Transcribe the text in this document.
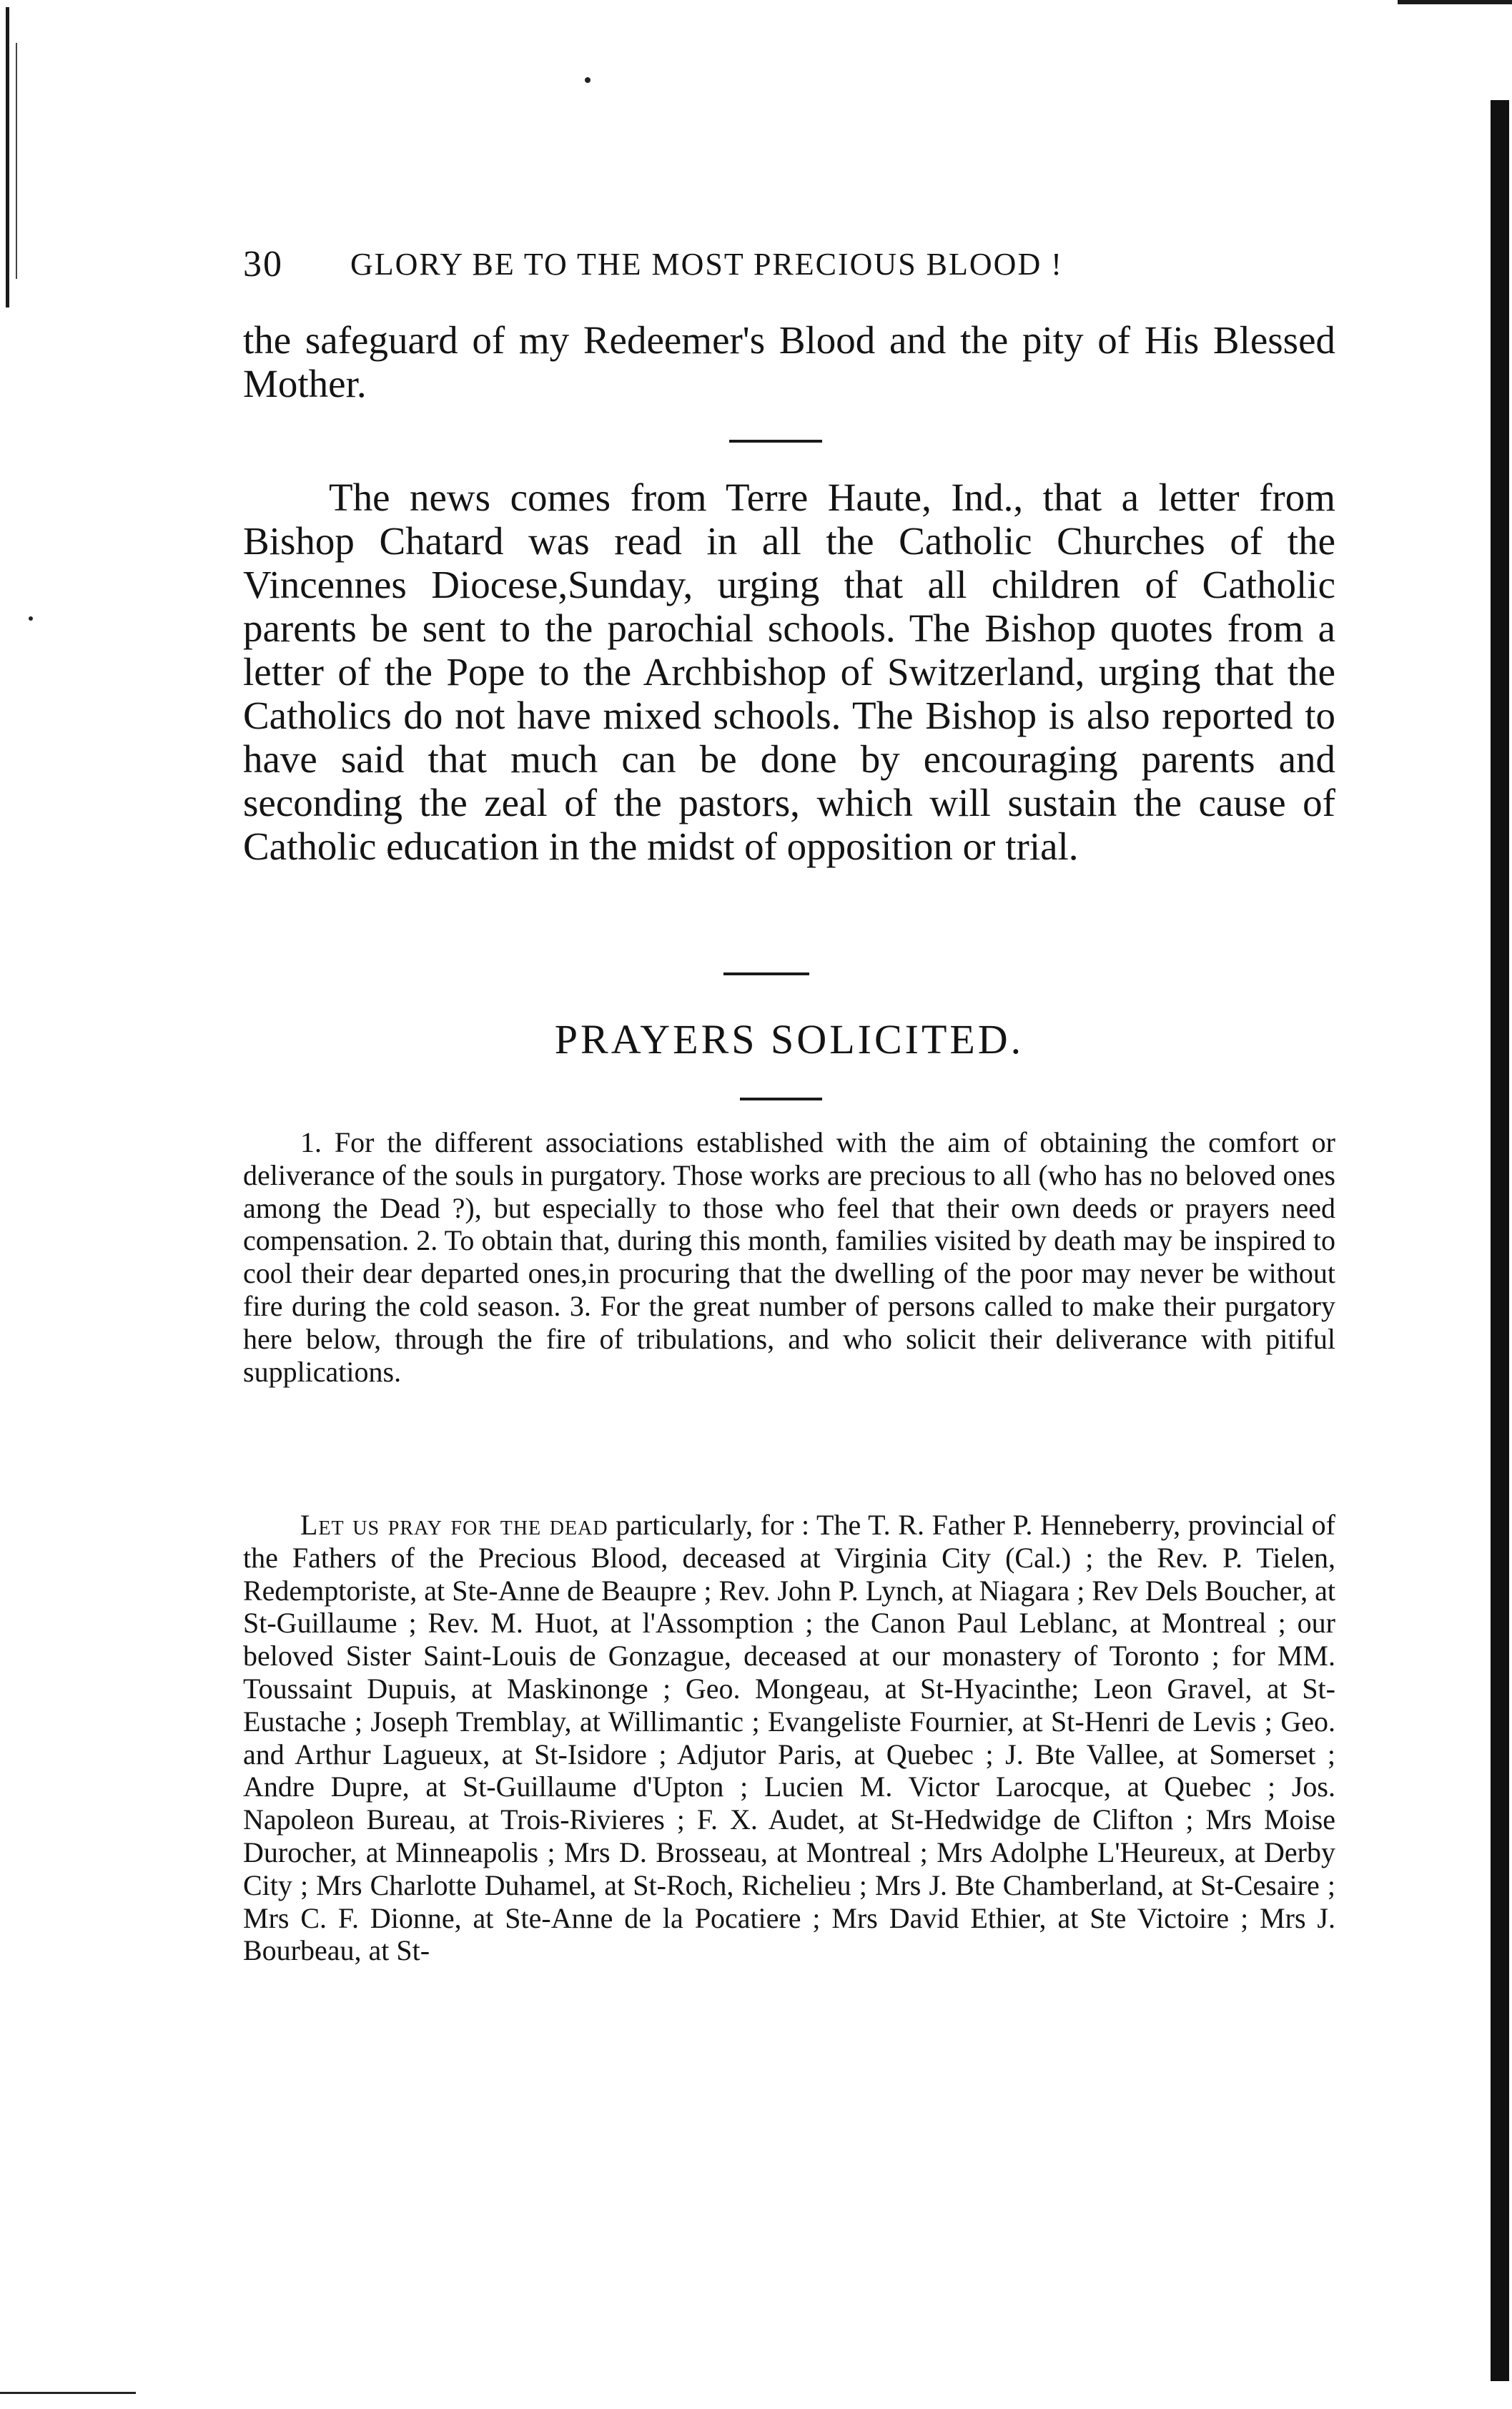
30 GLORY BE TO THE MOST PRECIOUS BLOOD !

the safeguard of my Redeemer's Blood and the pity of His Blessed Mother.

The news comes from Terre Haute, Ind., that a letter from Bishop Chatard was read in all the Catholic Churches of the Vincennes Diocese,Sunday, urging that all children of Catholic parents be sent to the parochial schools. The Bishop quotes from a letter of the Pope to the Archbishop of Switzerland, urging that the Catholics do not have mixed schools. The Bishop is also reported to have said that much can be done by encouraging parents and seconding the zeal of the pastors, which will sustain the cause of Catholic education in the midst of opposition or trial.

PRAYERS SOLICITED.

1. For the different associations established with the aim of obtaining the comfort or deliverance of the souls in purgatory. Those works are precious to all (who has no beloved ones among the Dead ?), but especially to those who feel that their own deeds or prayers need compensation. 2. To obtain that, during this month, families visited by death may be inspired to cool their dear departed ones,in procuring that the dwelling of the poor may never be without fire during the cold season. 3. For the great number of persons called to make their purgatory here below, through the fire of tribulations, and who solicit their deliverance with pitiful supplications.

Let us pray for the dead particularly, for : The T. R. Father P. Henneberry, provincial of the Fathers of the Precious Blood, deceased at Virginia City (Cal.) ; the Rev. P. Tielen, Redemptoriste, at Ste-Anne de Beaupre ; Rev. John P. Lynch, at Niagara ; Rev Dels Boucher, at St-Guillaume ; Rev. M. Huot, at l'Assomption ; the Canon Paul Leblanc, at Montreal ; our beloved Sister Saint-Louis de Gonzague, deceased at our monastery of Toronto ; for MM. Toussaint Dupuis, at Maskinonge ; Geo. Mongeau, at St-Hyacinthe; Leon Gravel, at St-Eustache ; Joseph Tremblay, at Willimantic ; Evangeliste Fournier, at St-Henri de Levis ; Geo. and Arthur Lagueux, at St-Isidore ; Adjutor Paris, at Quebec ; J. Bte Vallee, at Somerset ; Andre Dupre, at St-Guillaume d'Upton ; Lucien M. Victor Larocque, at Quebec ; Jos. Napoleon Bureau, at Trois-Rivieres ; F. X. Audet, at St-Hedwidge de Clifton ; Mrs Moise Durocher, at Minneapolis ; Mrs D. Brosseau, at Montreal ; Mrs Adolphe L'Heureux, at Derby City ; Mrs Charlotte Duhamel, at St-Roch, Richelieu ; Mrs J. Bte Chamberland, at St-Cesaire ; Mrs C. F. Dionne, at Ste-Anne de la Pocatiere ; Mrs David Ethier, at Ste Victoire ; Mrs J. Bourbeau, at St-
